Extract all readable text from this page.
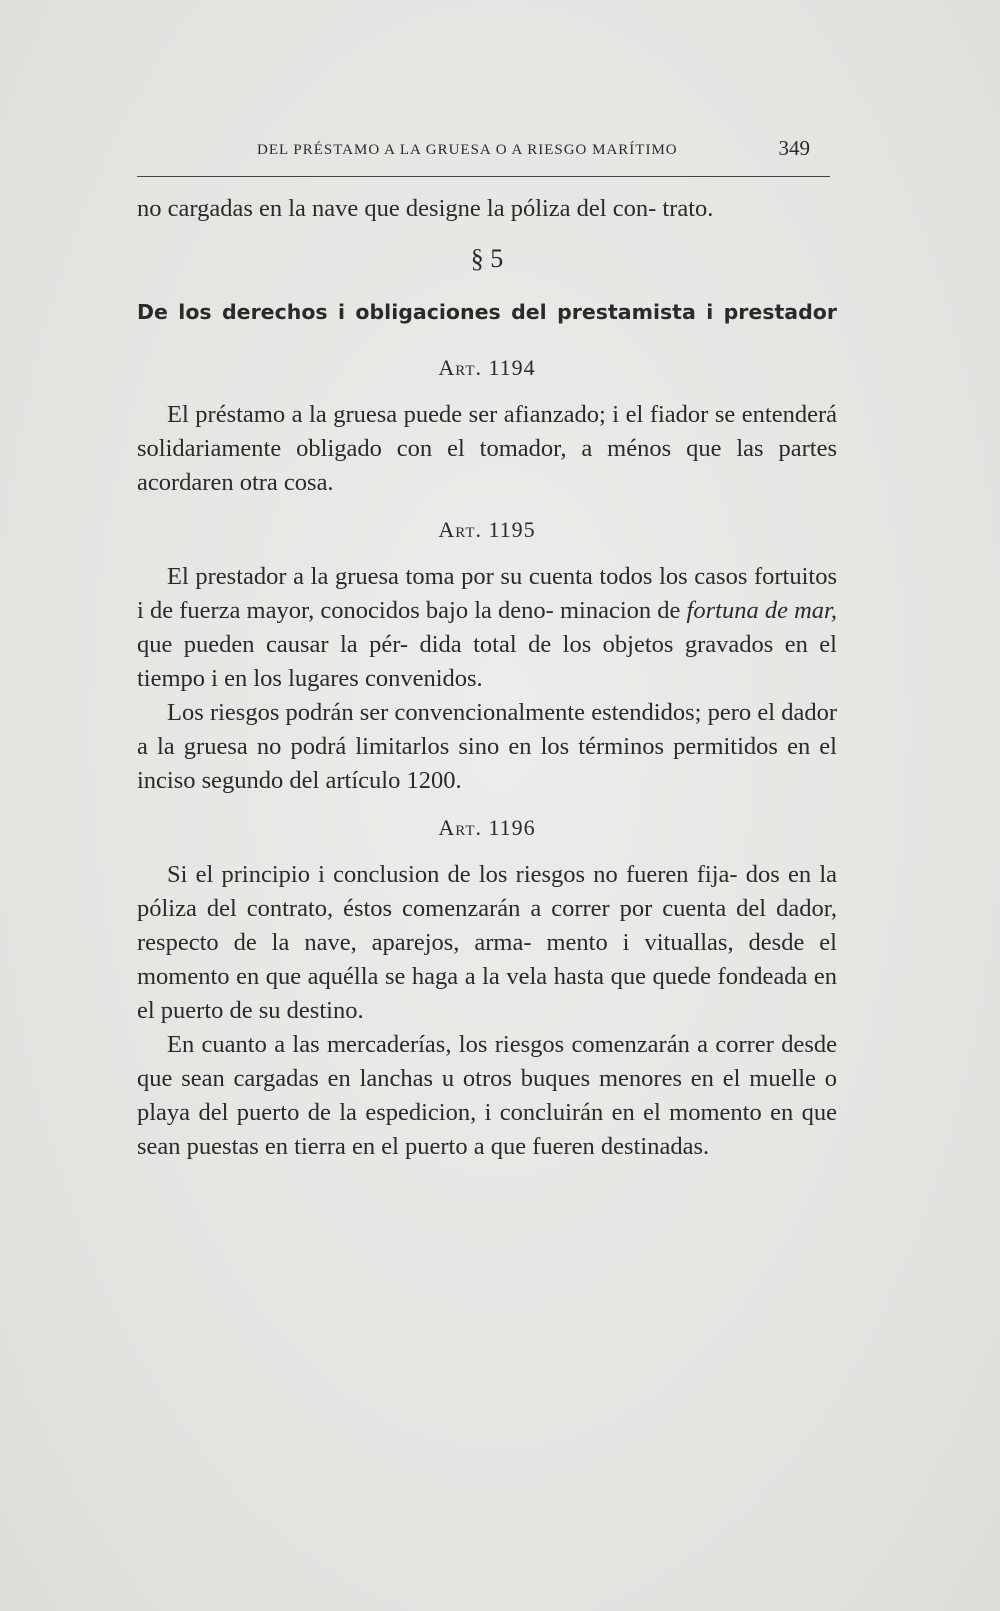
DEL PRÉSTAMO A LA GRUESA O A RIESGO MARÍTIMO	349

no cargadas en la nave que designe la póliza del con- trato.

§ 5

De los derechos i obligaciones del prestamista i prestador

Art. 1194

El préstamo a la gruesa puede ser afianzado; i el fiador se entenderá solidariamente obligado con el tomador, a ménos que las partes acordaren otra cosa.

Art. 1195

El prestador a la gruesa toma por su cuenta todos los casos fortuitos i de fuerza mayor, conocidos bajo la deno- minacion de fortuna de mar, que pueden causar la pér- dida total de los objetos gravados en el tiempo i en los lugares convenidos.

Los riesgos podrán ser convencionalmente estendidos; pero el dador a la gruesa no podrá limitarlos sino en los términos permitidos en el inciso segundo del artículo 1200.

Art. 1196

Si el principio i conclusion de los riesgos no fueren fija- dos en la póliza del contrato, éstos comenzarán a correr por cuenta del dador, respecto de la nave, aparejos, arma- mento i vituallas, desde el momento en que aquélla se haga a la vela hasta que quede fondeada en el puerto de su destino.

En cuanto a las mercaderías, los riesgos comenzarán a correr desde que sean cargadas en lanchas u otros buques menores en el muelle o playa del puerto de la espedicion, i concluirán en el momento en que sean puestas en tierra en el puerto a que fueren destinadas.
